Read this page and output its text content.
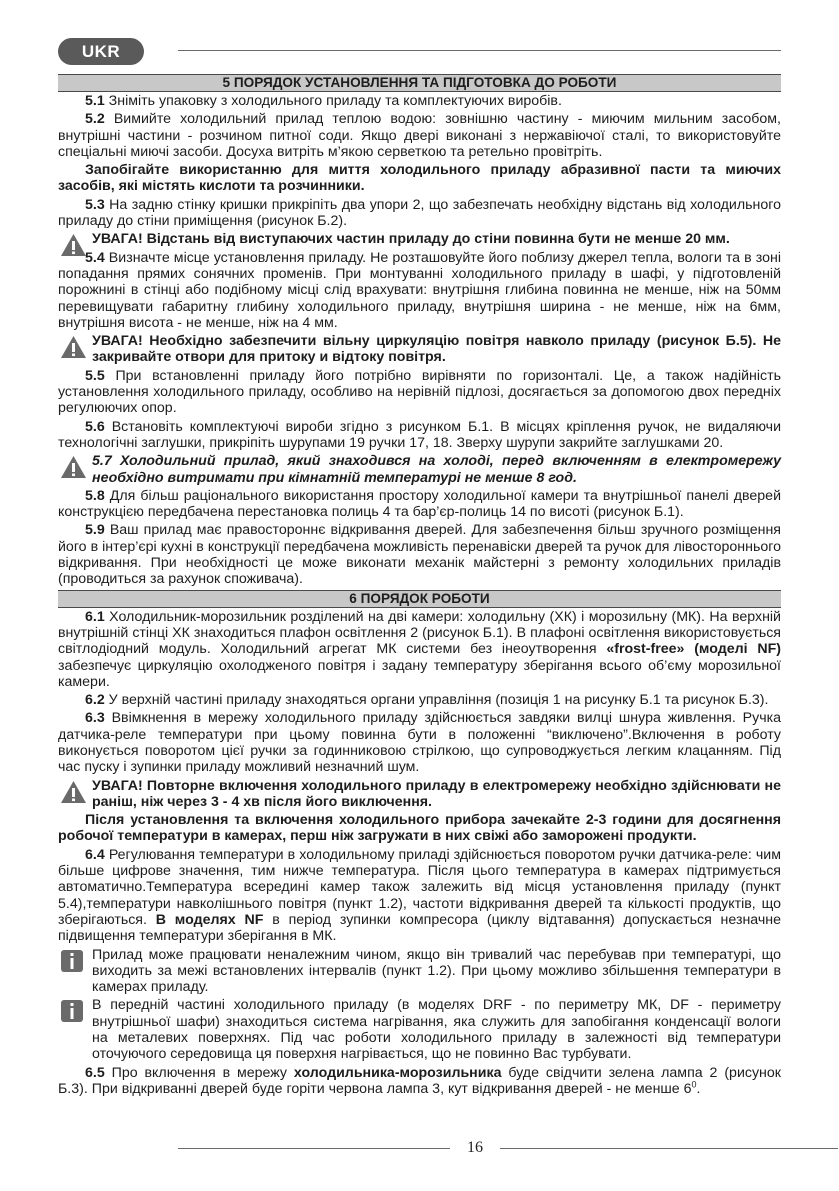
UKR
5 ПОРЯДОК УСТАНОВЛЕННЯ ТА ПІДГОТОВКА ДО РОБОТИ

5.1 Зніміть упаковку з холодильного приладу та комплектуючих виробів.

5.2 Вимийте холодильний прилад теплою водою: зовнішню частину - миючим мильним засобом, внутрішні частини - розчином питної соди. Якщо двері виконані з нержавіючої сталі, то використовуйте спеціальні миючі засоби. Досуха витріть м’якою серветкою та ретельно провітріть.

Запобігайте використанню для миття холодильного приладу абразивної пасти та миючих засобів, які містять кислоти та розчинники.

5.3 На задню стінку кришки прикріпіть два упори 2, що забезпечать необхідну відстань від холодильного приладу до стіни приміщення (рисунок Б.2).

УВАГА! Відстань від виступаючих частин приладу до стіни повинна бути не менше 20 мм.

5.4 Визначте місце установлення приладу. Не розташовуйте його поблизу джерел тепла, вологи та в зоні попадання прямих сонячних променів. При монтуванні холодильного приладу в шафі, у підготовленій порожнині в стінці або подібному місці слід врахувати: внутрішня глибина повинна не менше, ніж на 50мм перевищувати габаритну глибину холодильного приладу, внутрішня ширина - не менше, ніж на 6мм, внутрішня висота - не менше, ніж на 4 мм.

УВАГА! Необхідно забезпечити вільну циркуляцію повітря навколо приладу (рисунок Б.5). Не закривайте отвори для притоку и відтоку повітря.

5.5 При встановленні приладу його потрібно вирівняти по горизонталі. Це, а також надійність установлення холодильного приладу, особливо на нерівній підлозі, досягається за допомогою двох передніх регулюючих опор.

5.6 Встановіть комплектуючі вироби згідно з рисунком Б.1. В місцях кріплення ручок, не видаляючи технологічні заглушки, прикріпіть шурупами 19 ручки 17, 18. Зверху шурупи закрийте заглушками 20.

5.7 Холодильний прилад, який знаходився на холоді, перед включенням в електромережу необхідно витримати при кімнатній температурі не менше 8 год.

5.8 Для більш раціонального використання простору холодильної камери та внутрішньої панелі дверей конструкцією передбачена перестановка полиць 4 та бар’єр-полиць 14 по висоті (рисунок Б.1).

5.9 Ваш прилад має правостороннє відкривання дверей. Для забезпечення більш зручного розміщення його в інтер’єрі кухні в конструкції передбачена можливість перенавіски дверей та ручок для лівостороннього відкривання. При необхідності це може виконати механік майстерні з ремонту холодильних приладів (проводиться за рахунок споживача).

6 ПОРЯДОК РОБОТИ

6.1 Холодильник-морозильник розділений на дві камери: холодильну (ХК) і морозильну (МК). На верхній внутрішній стінці ХК знаходиться плафон освітлення 2 (рисунок Б.1). В плафоні освітлення використовується світлодіодний модуль. Холодильний агрегат МК системи без інеоутворення «frost-free» (моделі NF) забезпечує циркуляцію охолодженого повітря і задану температуру зберігання всього об’єму морозильної камери.

6.2 У верхній частині приладу знаходяться органи управління (позиція 1 на рисунку Б.1 та рисунок Б.3).

6.3 Ввімкнення в мережу холодильного приладу здійснюється завдяки вилці шнура живлення. Ручка датчика-реле температури при цьому повинна бути в положенні “виключено”.Включення в роботу виконується поворотом цієї ручки за годинниковою стрілкою, що супроводжується легким клацанням. Під час пуску і зупинки приладу можливий незначний шум.

УВАГА! Повторне включення холодильного приладу в електромережу необхідно здійснювати не раніш, ніж через 3 - 4 хв після його виключення.

Після установлення та включення холодильного прибора зачекайте 2-3 години для досягнення робочої температури в камерах, перш ніж загружати в них свіжі або заморожені продукти.

6.4 Регулювання температури в холодильному приладі здійснюється поворотом ручки датчика-реле: чим більше цифрове значення, тим нижче температура. Після цього температура в камерах підтримується автоматично.Температура всередині камер також залежить від місця установлення приладу (пункт 5.4),температури навколішнього повітря (пункт 1.2), частоти відкривання дверей та кількості продуктів, що зберігаються. В моделях NF в період зупинки компресора (циклу відтавання) допускається незначне підвищення температури зберігання в МК.

Прилад може працювати неналежним чином, якщо він тривалий час перебував при температурі, що виходить за межі встановлених інтервалів (пункт 1.2). При цьому можливо збільшення температури в камерах приладу.

В передній частині холодильного приладу (в моделях DRF - по периметру МК, DF - периметру внутрішньої шафи) знаходиться система нагрівання, яка служить для запобігання конденсації вологи на металевих поверхнях. Під час роботи холодильного приладу в залежності від температури оточуючого середовища ця поверхня нагрівається, що не повинно Вас турбувати.

6.5 Про включення в мережу холодильника-морозильника буде свідчити зелена лампа 2 (рисунок Б.3). При відкриванні дверей буде горіти червона лампа 3, кут відкривання дверей - не менше $6^0$.

16
